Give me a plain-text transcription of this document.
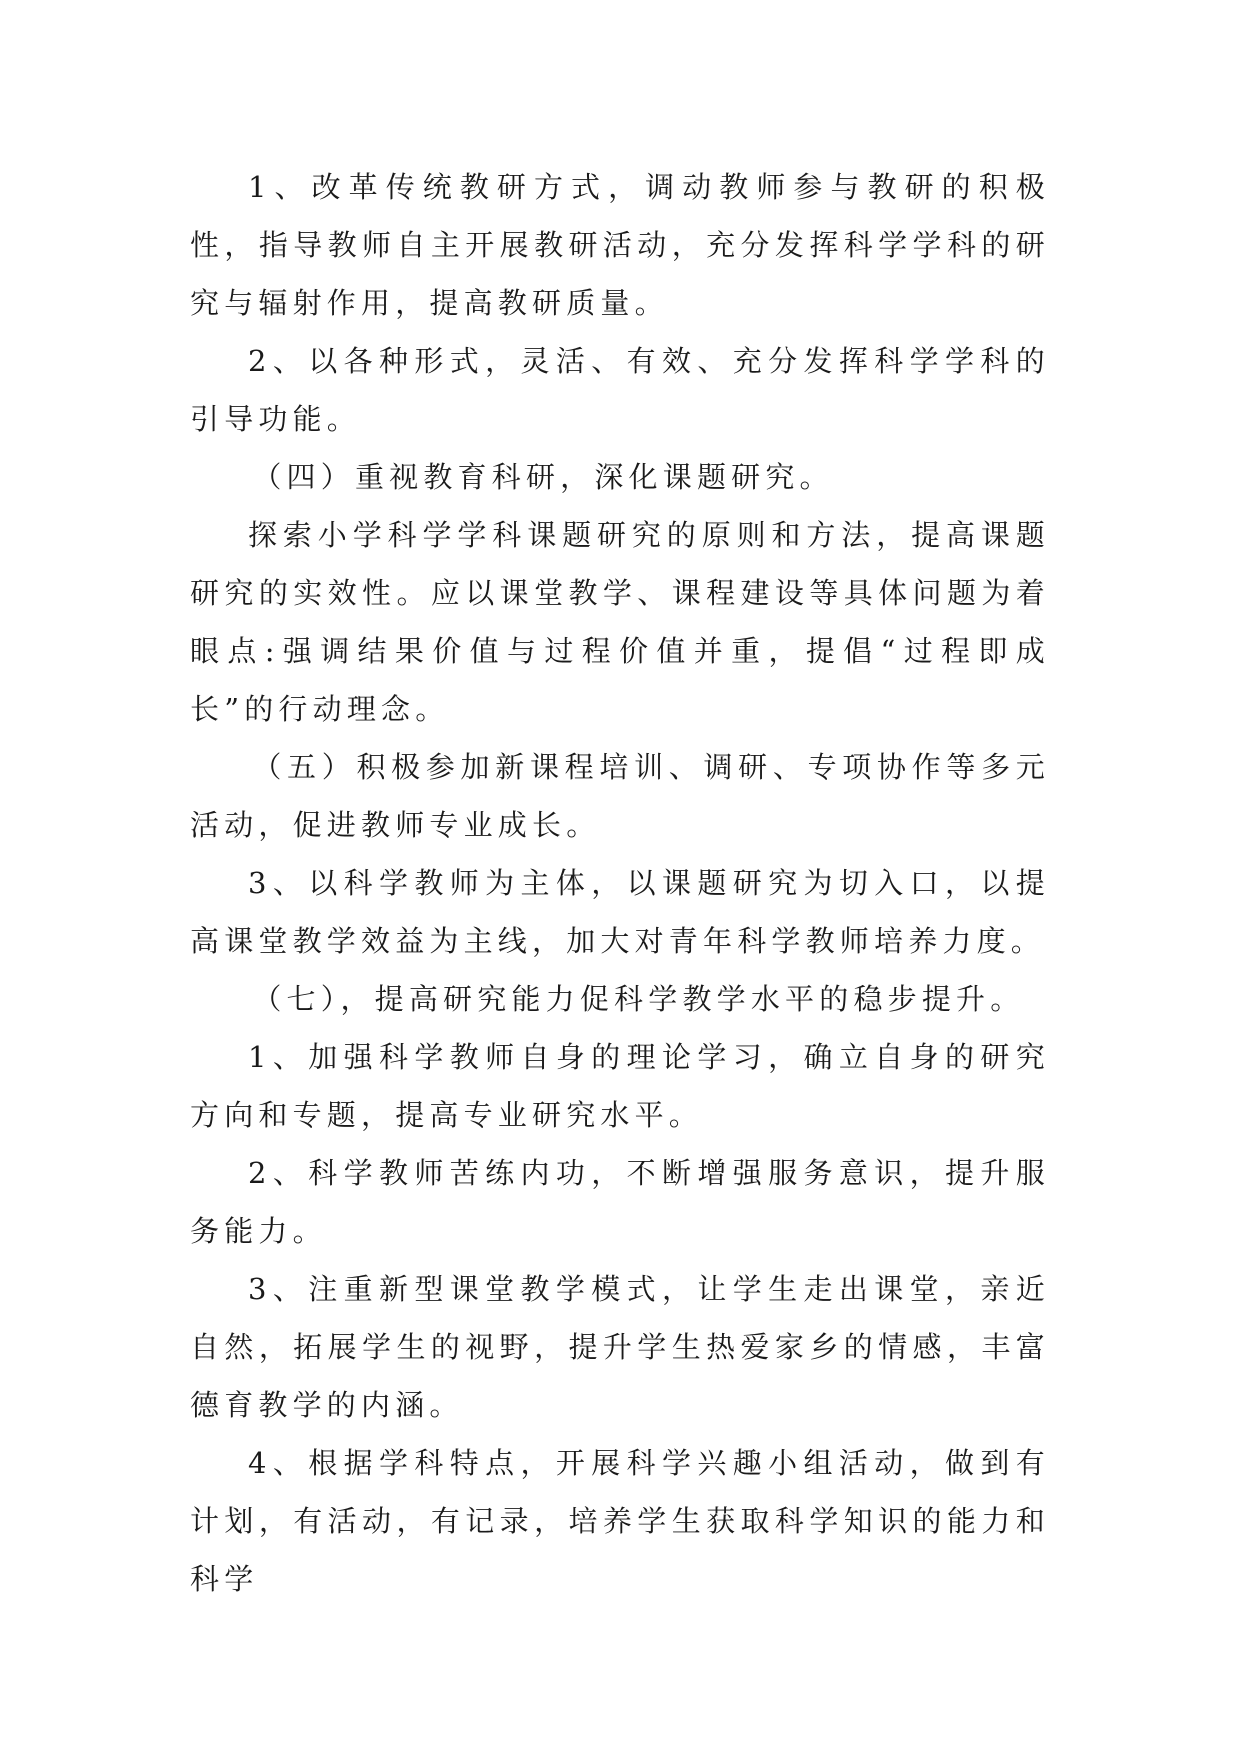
1、改革传统教研方式，调动教师参与教研的积极性，指导教师自主开展教研活动，充分发挥科学学科的研究与辐射作用，提高教研质量。

2、以各种形式，灵活、有效、充分发挥科学学科的引导功能。

（四）重视教育科研，深化课题研究。

探索小学科学学科课题研究的原则和方法，提高课题研究的实效性。应以课堂教学、课程建设等具体问题为着眼点:强调结果价值与过程价值并重，提倡“过程即成长”的行动理念。

（五）积极参加新课程培训、调研、专项协作等多元活动，促进教师专业成长。

3、以科学教师为主体，以课题研究为切入口，以提高课堂教学效益为主线，加大对青年科学教师培养力度。

（七），提高研究能力促科学教学水平的稳步提升。

1、加强科学教师自身的理论学习，确立自身的研究方向和专题，提高专业研究水平。

2、科学教师苦练内功，不断增强服务意识，提升服务能力。

3、注重新型课堂教学模式，让学生走出课堂，亲近自然，拓展学生的视野，提升学生热爱家乡的情感，丰富德育教学的内涵。

4、根据学科特点，开展科学兴趣小组活动，做到有计划，有活动，有记录，培养学生获取科学知识的能力和科学
